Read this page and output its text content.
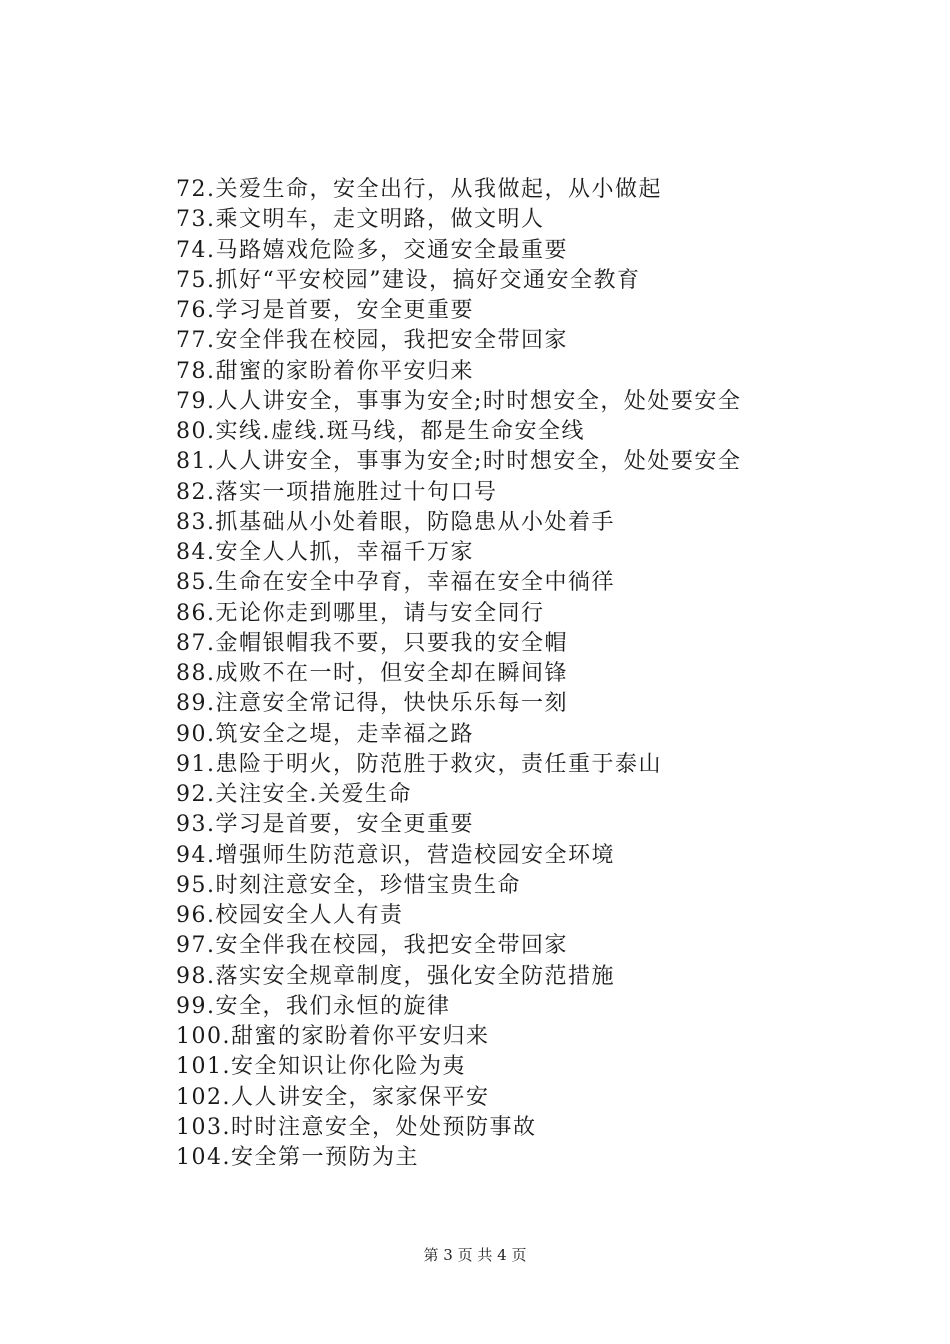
72.关爱生命，安全出行，从我做起，从小做起
73.乘文明车，走文明路，做文明人
74.马路嬉戏危险多，交通安全最重要
75.抓好“平安校园”建设，搞好交通安全教育
76.学习是首要，安全更重要
77.安全伴我在校园，我把安全带回家
78.甜蜜的家盼着你平安归来
79.人人讲安全，事事为安全;时时想安全，处处要安全
80.实线.虚线.斑马线，都是生命安全线
81.人人讲安全，事事为安全;时时想安全，处处要安全
82.落实一项措施胜过十句口号
83.抓基础从小处着眼，防隐患从小处着手
84.安全人人抓，幸福千万家
85.生命在安全中孕育，幸福在安全中徜徉
86.无论你走到哪里，请与安全同行
87.金帽银帽我不要，只要我的安全帽
88.成败不在一时，但安全却在瞬间锋
89.注意安全常记得，快快乐乐每一刻
90.筑安全之堤，走幸福之路
91.患险于明火，防范胜于救灾，责任重于泰山
92.关注安全.关爱生命
93.学习是首要，安全更重要
94.增强师生防范意识，营造校园安全环境
95.时刻注意安全，珍惜宝贵生命
96.校园安全人人有责
97.安全伴我在校园，我把安全带回家
98.落实安全规章制度，强化安全防范措施
99.安全，我们永恒的旋律
100.甜蜜的家盼着你平安归来
101.安全知识让你化险为夷
102.人人讲安全，家家保平安
103.时时注意安全，处处预防事故
104.安全第一预防为主
第 3 页 共 4 页
